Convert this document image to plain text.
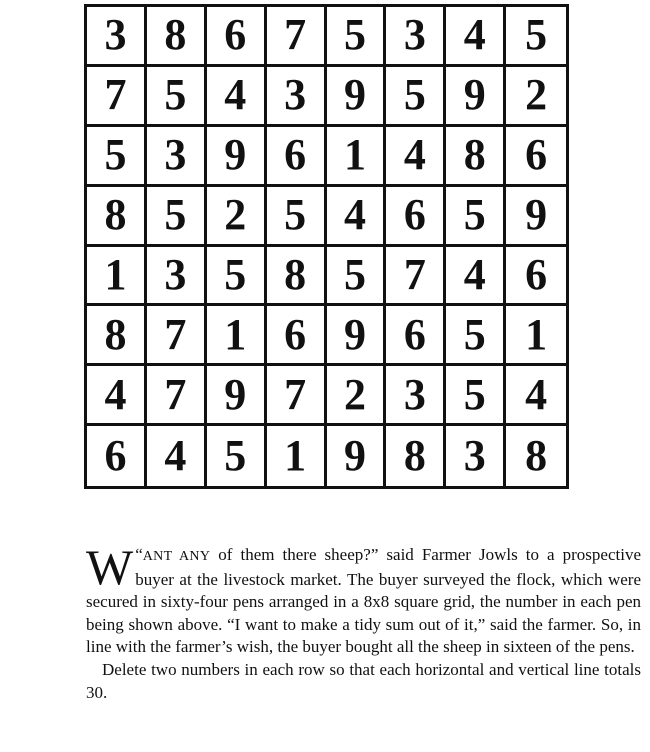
3 8 6 7 5 3 4 5
7 5 4 3 9 5 9 2
5 3 9 6 1 4 8 6
8 5 2 5 4 6 5 9
1 3 5 8 5 7 4 6
8 7 1 6 9 6 5 1
4 7 9 7 2 3 5 4
6 4 5 1 9 8 3 8

“
W ANT ANY of them there sheep?” said Farmer Jowls to a prospective buyer at the livestock market. The buyer surveyed the flock, which were secured in sixty-four pens arranged in a 8x8 square grid, the number in each pen being shown above. “I want to make a tidy sum out of it,” said the farmer. So, in line with the farmer’s wish, the buyer bought all the sheep in sixteen of the pens.

Delete two numbers in each row so that each horizontal and vertical line totals 30.
